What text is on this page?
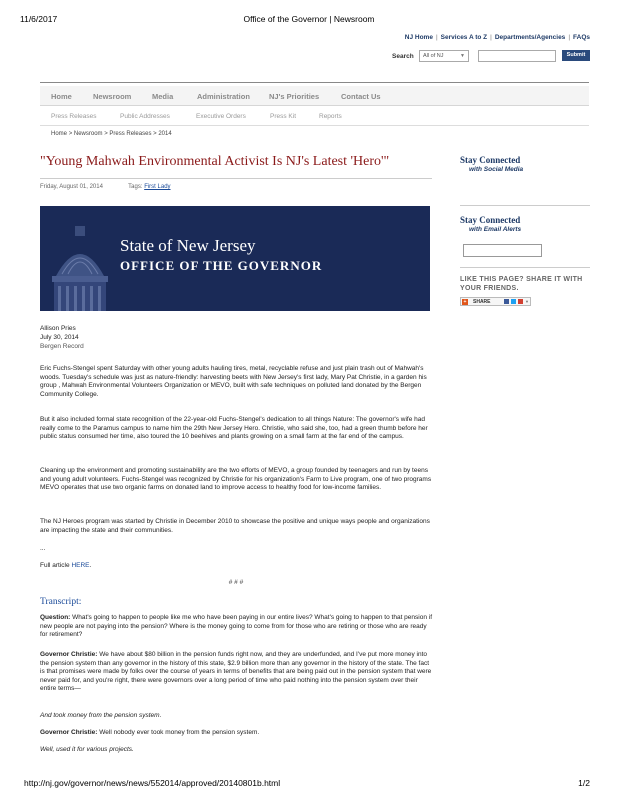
11/6/2017	Office of the Governor | Newsroom
NJ Home | Services A to Z | Departments/Agencies | FAQs
Search	All of NJ	▼	Submit
Home	Newsroom	Media	Administration	NJ's Priorities	Contact Us
Press Releases	Public Addresses	Executive Orders	Press Kit	Reports
Home > Newsroom > Press Releases > 2014
"Young Mahwah Environmental Activist Is NJ's Latest 'Hero'"
Friday, August 01, 2014	Tags: First Lady
State of New Jersey
OFFICE OF THE GOVERNOR
Stay Connected
with Social Media
Stay Connected
with Email Alerts
LIKE THIS PAGE? SHARE IT WITH YOUR FRIENDS.
+	SHARE	▼

Allison Pries

July 30, 2014

Bergen Record

Eric Fuchs-Stengel spent Saturday with other young adults hauling tires, metal, recyclable refuse and just plain trash out of Mahwah's woods. Tuesday's schedule was just as nature-friendly: harvesting beets with New Jersey's first lady, Mary Pat Christie, in a garden his group , Mahwah Environmental Volunteers Organization or MEVO, built with safe techniques on polluted land donated by the Bergen Community College.
But it also included formal state recognition of the 22-year-old Fuchs-Stengel's dedication to all things Nature: The governor's wife had really come to the Paramus campus to name him the 29th New Jersey Hero. Christie, who said she, too, had a green thumb before her public status consumed her time, also toured the 10 beehives and plants growing on a small farm at the far end of the campus.
Cleaning up the environment and promoting sustainability are the two efforts of MEVO, a group founded by teenagers and run by teens and young adult volunteers. Fuchs-Stengel was recognized by Christie for his organization's Farm to Live program, one of two programs MEVO operates that use two organic farms on donated land to improve access to healthy food for low-income families.
The NJ Heroes program was started by Christie in December 2010 to showcase the positive and unique ways people and organizations are impacting the state and their communities.
...
Full article HERE.
# # #
Transcript:
Question: What's going to happen to people like me who have been paying in our entire lives? What's going to happen to that pension if new people are not paying into the pension? Where is the money going to come from for those who are retiring or those who are ready for retirement?
Governor Christie: We have about $80 billion in the pension funds right now, and they are underfunded, and I've put more money into the pension system than any governor in the history of this state, $2.9 billion more than any governor in the history of the state. The fact is that promises were made by folks over the course of years in terms of benefits that are being paid out in the pension system that were never paid for, and you're right, there were governors over a long period of time who paid nothing into the pension system over their entire terms—
And took money from the pension system.
Governor Christie: Well nobody ever took money from the pension system.
Well, used it for various projects.
http://nj.gov/governor/news/news/552014/approved/20140801b.html	1/2
